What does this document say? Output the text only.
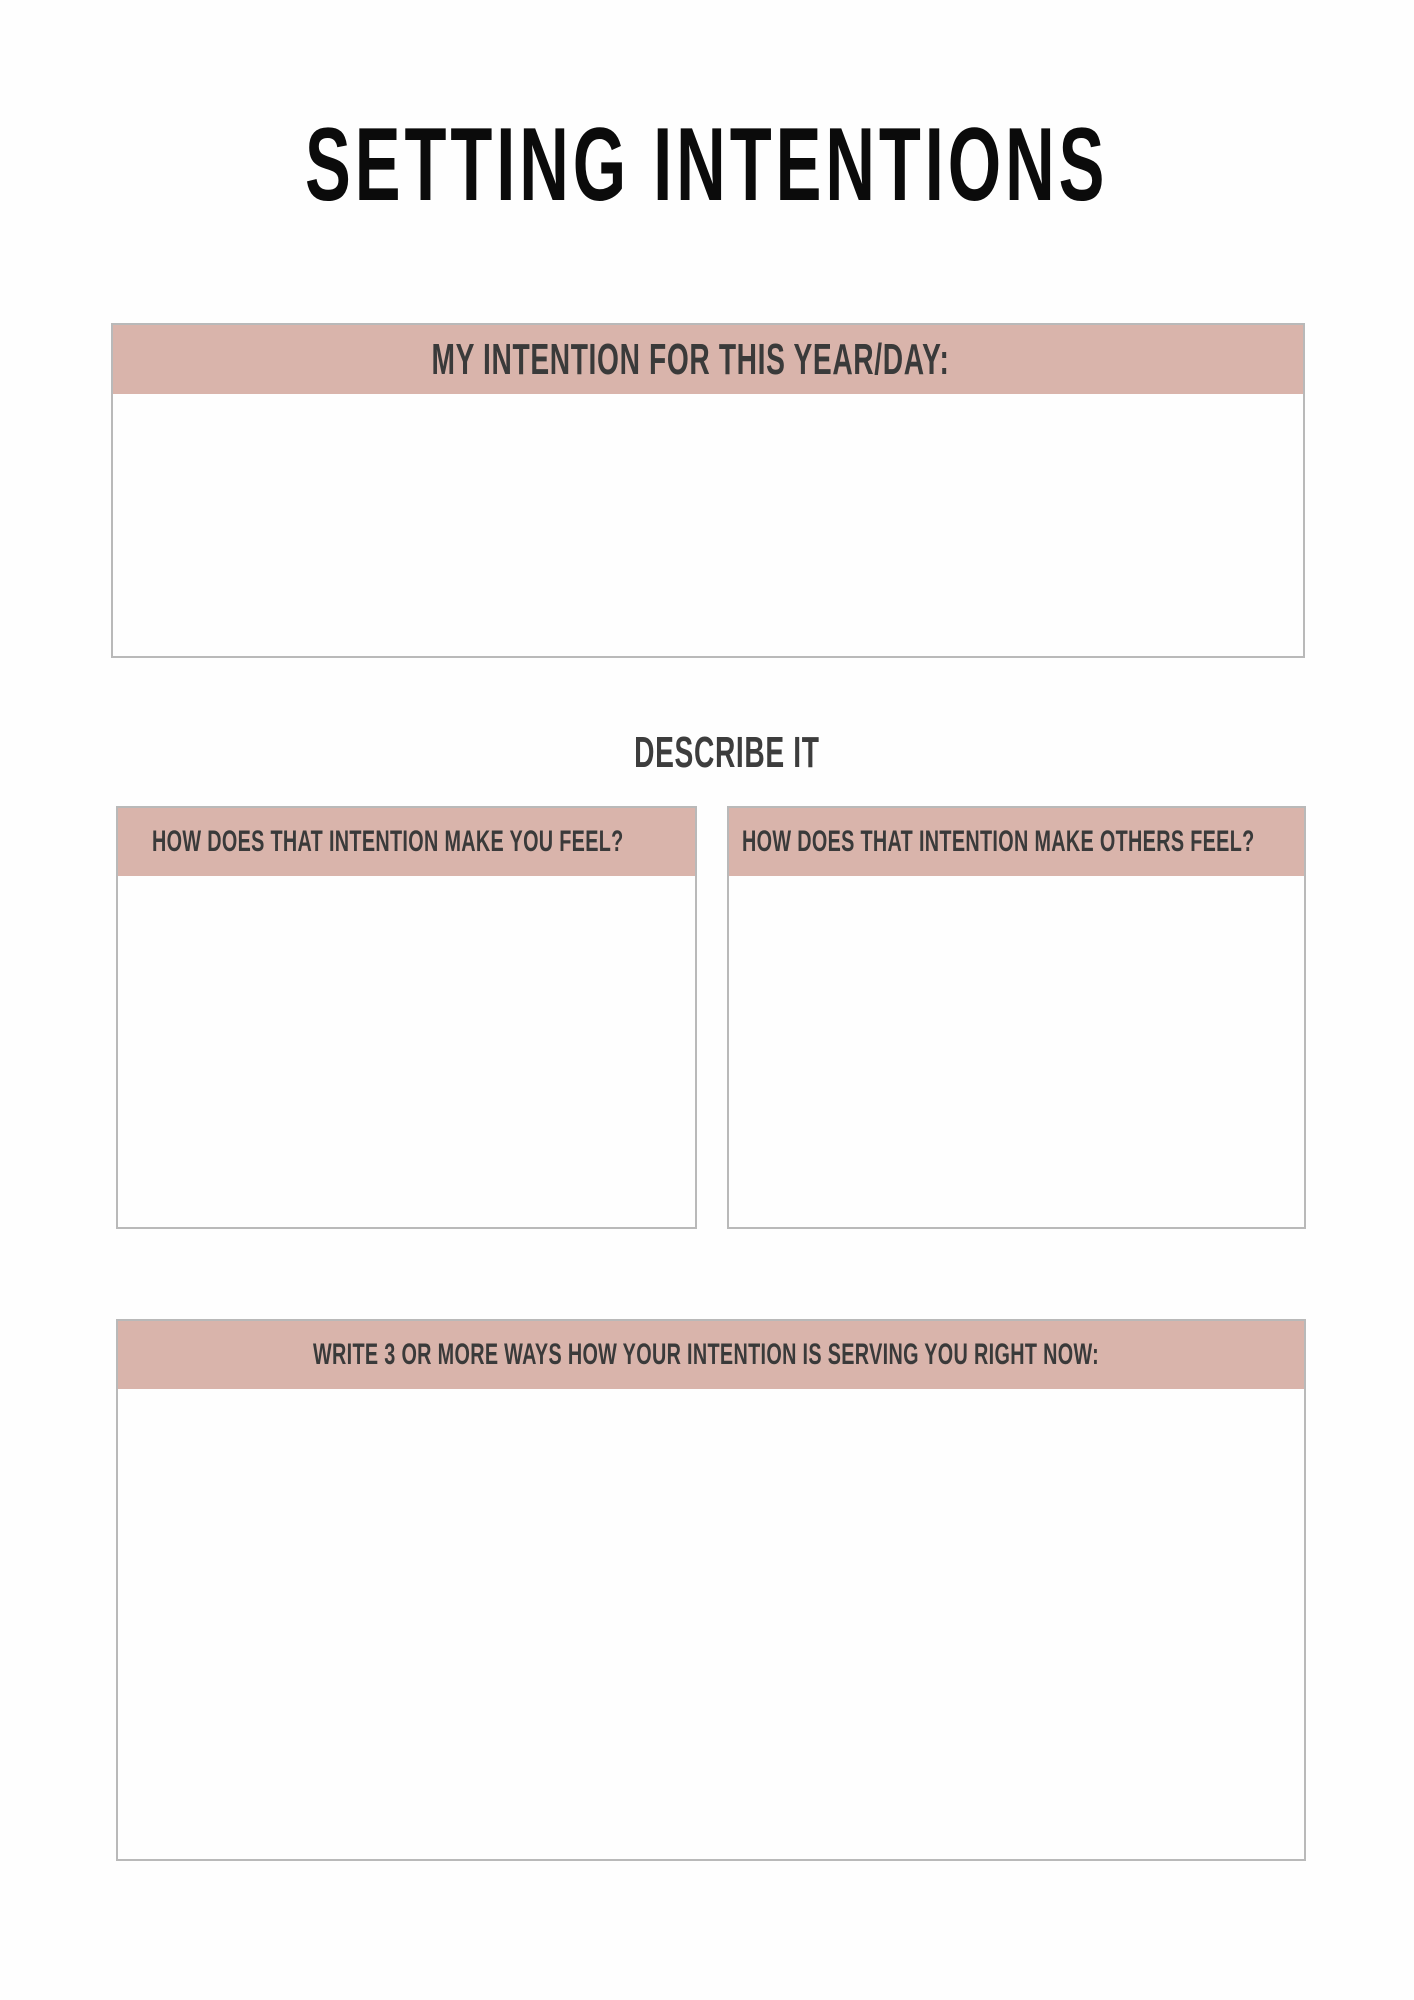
SETTING INTENTIONS
MY INTENTION FOR THIS YEAR/DAY:
DESCRIBE IT
HOW DOES THAT INTENTION MAKE YOU FEEL?	HOW DOES THAT INTENTION MAKE OTHERS FEEL?
WRITE 3 OR MORE WAYS HOW YOUR INTENTION IS SERVING YOU RIGHT NOW:
